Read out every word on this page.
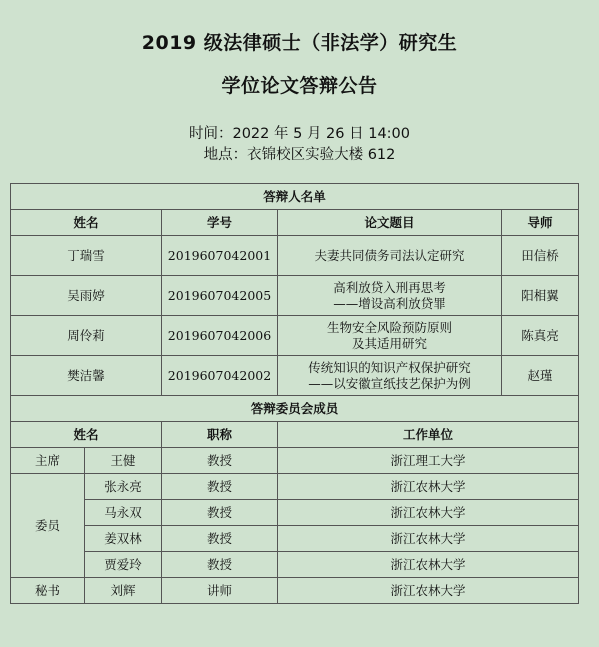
2019 级法律硕士（非法学）研究生
学位论文答辩公告
时间：2022 年 5 月 26 日 14:00
地点：衣锦校区实验大楼 612
答辩人名单				
姓名		学号	论文题目	导师
丁瑞雪		2019607042001	夫妻共同债务司法认定研究	田信桥
吴雨婷		2019607042005	高利放贷入刑再思考
——增设高利放贷罪	阳相翼
周伶莉		2019607042006	生物安全风险预防原则
及其适用研究	陈真亮
樊洁馨		2019607042002	传统知识的知识产权保护研究
——以安徽宣纸技艺保护为例	赵瑾
答辩委员会成员				
姓名		职称	工作单位	
主席	王健	教授	浙江理工大学	
委员	张永亮	教授	浙江农林大学	
	马永双	教授	浙江农林大学	
	姜双林	教授	浙江农林大学	
	贾爱玲	教授	浙江农林大学	
秘书	刘辉	讲师	浙江农林大学	
